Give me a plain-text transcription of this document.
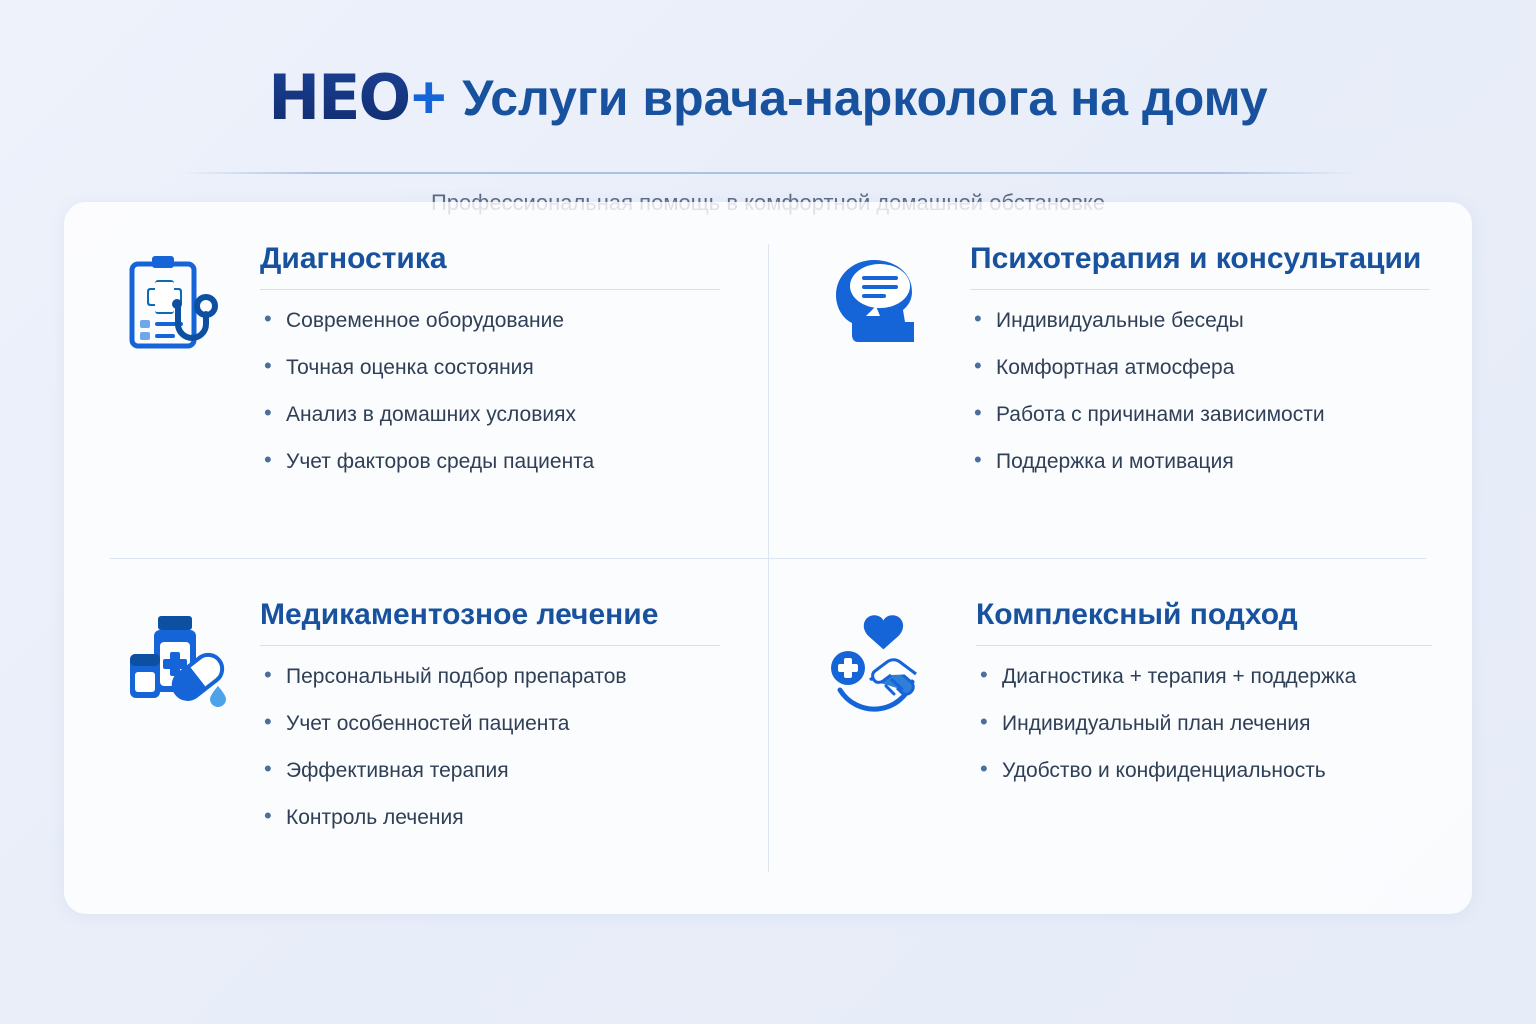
HEO + Услуги врача-нарколога на дому
Диагностика
• Современное оборудование
• Точная оценка состояния
• Анализ в домашних условиях
• Учет факторов среды пациента
Психотерапия и консультации
• Индивидуальные беседы
• Комфортная атмосфера
• Работа с причинами зависимости
• Поддержка и мотивация
Медикаментозное лечение
• Персональный подбор препаратов
• Учет особенностей пациента
• Эффективная терапия
• Контроль лечения
Комплексный подход
• Диагностика + терапия + поддержка
• Индивидуальный план лечения
• Удобство и конфиденциальность
